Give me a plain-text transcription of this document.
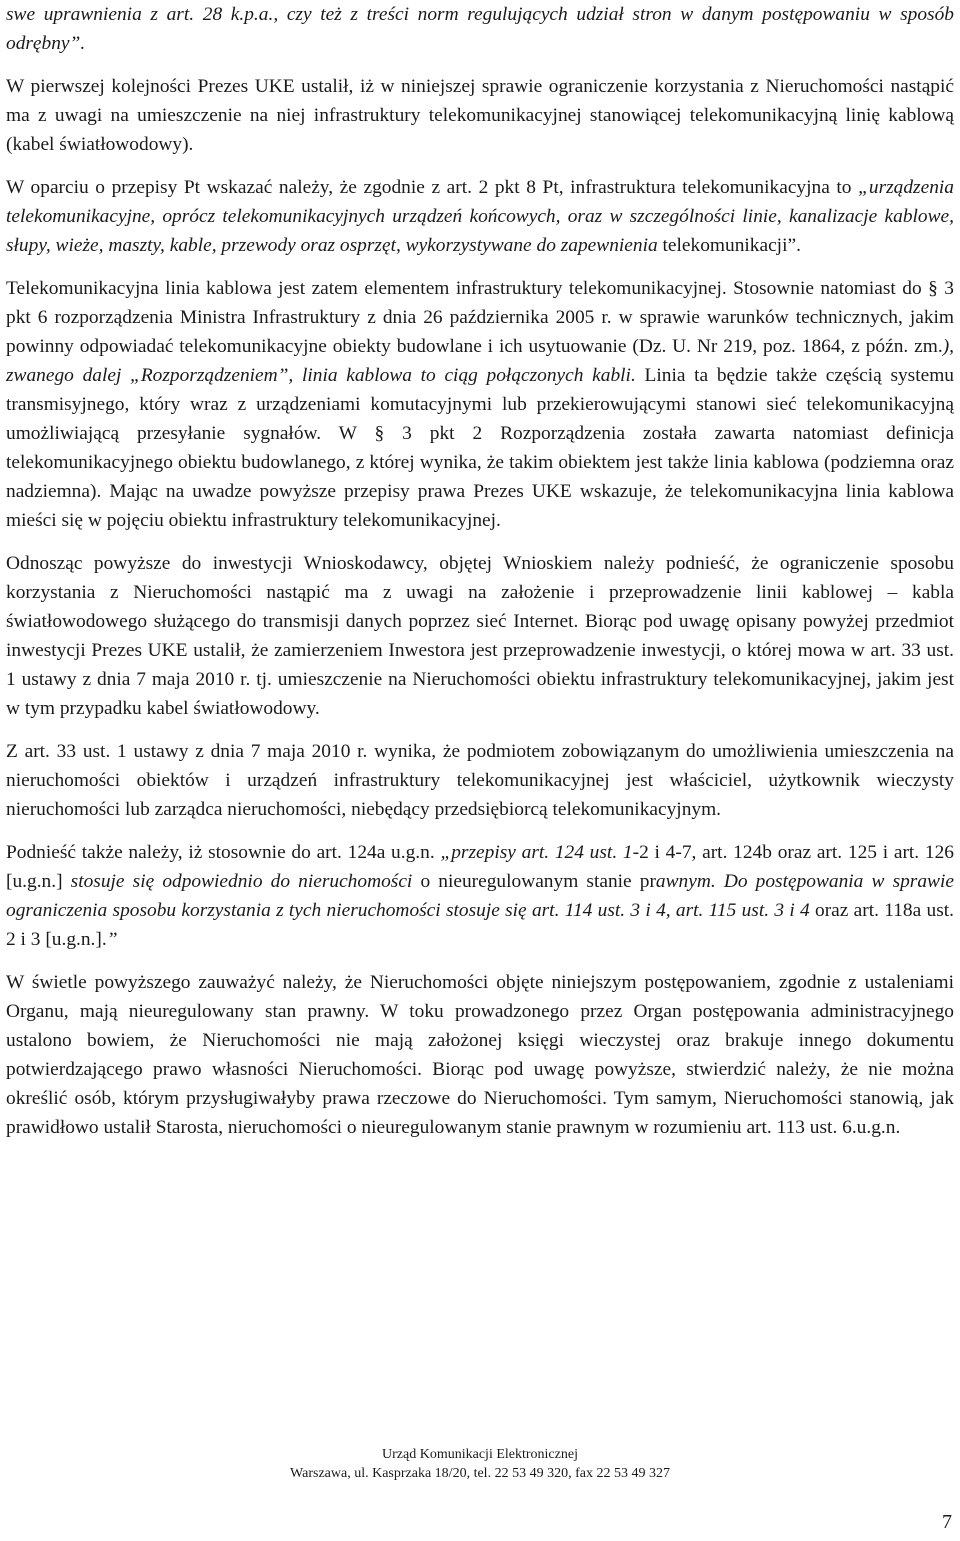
swe uprawnienia z art. 28 k.p.a., czy też z treści norm regulujących udział stron w danym postępowaniu w sposób odrębny”.

W pierwszej kolejności Prezes UKE ustalił, iż w niniejszej sprawie ograniczenie korzystania z Nieruchomości nastąpić ma z uwagi na umieszczenie na niej infrastruktury telekomunikacyjnej stanowiącej telekomunikacyjną linię kablową (kabel światłowodowy).

W oparciu o przepisy Pt wskazać należy, że zgodnie z art. 2 pkt 8 Pt, infrastruktura telekomunikacyjna to „urządzenia telekomunikacyjne, oprócz telekomunikacyjnych urządzeń końcowych, oraz w szczególności linie, kanalizacje kablowe, słupy, wieże, maszty, kable, przewody oraz osprzęt, wykorzystywane do zapewnienia telekomunikacji”.

Telekomunikacyjna linia kablowa jest zatem elementem infrastruktury telekomunikacyjnej. Stosownie natomiast do § 3 pkt 6 rozporządzenia Ministra Infrastruktury z dnia 26 października 2005 r. w sprawie warunków technicznych, jakim powinny odpowiadać telekomunikacyjne obiekty budowlane i ich usytuowanie (Dz. U. Nr 219, poz. 1864, z późn. zm.), zwanego dalej „Rozporządzeniem”, linia kablowa to ciąg połączonych kabli. Linia ta będzie także częścią systemu transmisyjnego, który wraz z urządzeniami komutacyjnymi lub przekierowującymi stanowi sieć telekomunikacyjną umożliwiającą przesyłanie sygnałów. W § 3 pkt 2 Rozporządzenia została zawarta natomiast definicja telekomunikacyjnego obiektu budowlanego, z której wynika, że takim obiektem jest także linia kablowa (podziemna oraz nadziemna). Mając na uwadze powyższe przepisy prawa Prezes UKE wskazuje, że telekomunikacyjna linia kablowa mieści się w pojęciu obiektu infrastruktury telekomunikacyjnej.

Odnosząc powyższe do inwestycji Wnioskodawcy, objętej Wnioskiem należy podnieść, że ograniczenie sposobu korzystania z Nieruchomości nastąpić ma z uwagi na założenie i przeprowadzenie linii kablowej – kabla światłowodowego służącego do transmisji danych poprzez sieć Internet. Biorąc pod uwagę opisany powyżej przedmiot inwestycji Prezes UKE ustalił, że zamierzeniem Inwestora jest przeprowadzenie inwestycji, o której mowa w art. 33 ust. 1 ustawy z dnia 7 maja 2010 r. tj. umieszczenie na Nieruchomości obiektu infrastruktury telekomunikacyjnej, jakim jest w tym przypadku kabel światłowodowy.

Z art. 33 ust. 1 ustawy z dnia 7 maja 2010 r. wynika, że podmiotem zobowiązanym do umożliwienia umieszczenia na nieruchomości obiektów i urządzeń infrastruktury telekomunikacyjnej jest właściciel, użytkownik wieczysty nieruchomości lub zarządca nieruchomości, niebędący przedsiębiorcą telekomunikacyjnym.

Podnieść także należy, iż stosownie do art. 124a u.g.n. „przepisy art. 124 ust. 1-2 i 4-7, art. 124b oraz art. 125 i art. 126 [u.g.n.] stosuje się odpowiednio do nieruchomości o nieuregulowanym stanie prawnym. Do postępowania w sprawie ograniczenia sposobu korzystania z tych nieruchomości stosuje się art. 114 ust. 3 i 4, art. 115 ust. 3 i 4 oraz art. 118a ust. 2 i 3 [u.g.n.].”

W świetle powyższego zauważyć należy, że Nieruchomości objęte niniejszym postępowaniem, zgodnie z ustaleniami Organu, mają nieuregulowany stan prawny. W toku prowadzonego przez Organ postępowania administracyjnego ustalono bowiem, że Nieruchomości nie mają założonej księgi wieczystej oraz brakuje innego dokumentu potwierdzającego prawo własności Nieruchomości. Biorąc pod uwagę powyższe, stwierdzić należy, że nie można określić osób, którym przysługiwałyby prawa rzeczowe do Nieruchomości. Tym samym, Nieruchomości stanowią, jak prawidłowo ustalił Starosta, nieruchomości o nieuregulowanym stanie prawnym w rozumieniu art. 113 ust. 6.u.g.n.

Urząd Komunikacji Elektronicznej
Warszawa, ul. Kasprzaka 18/20, tel. 22 53 49 320, fax 22 53 49 327
7
